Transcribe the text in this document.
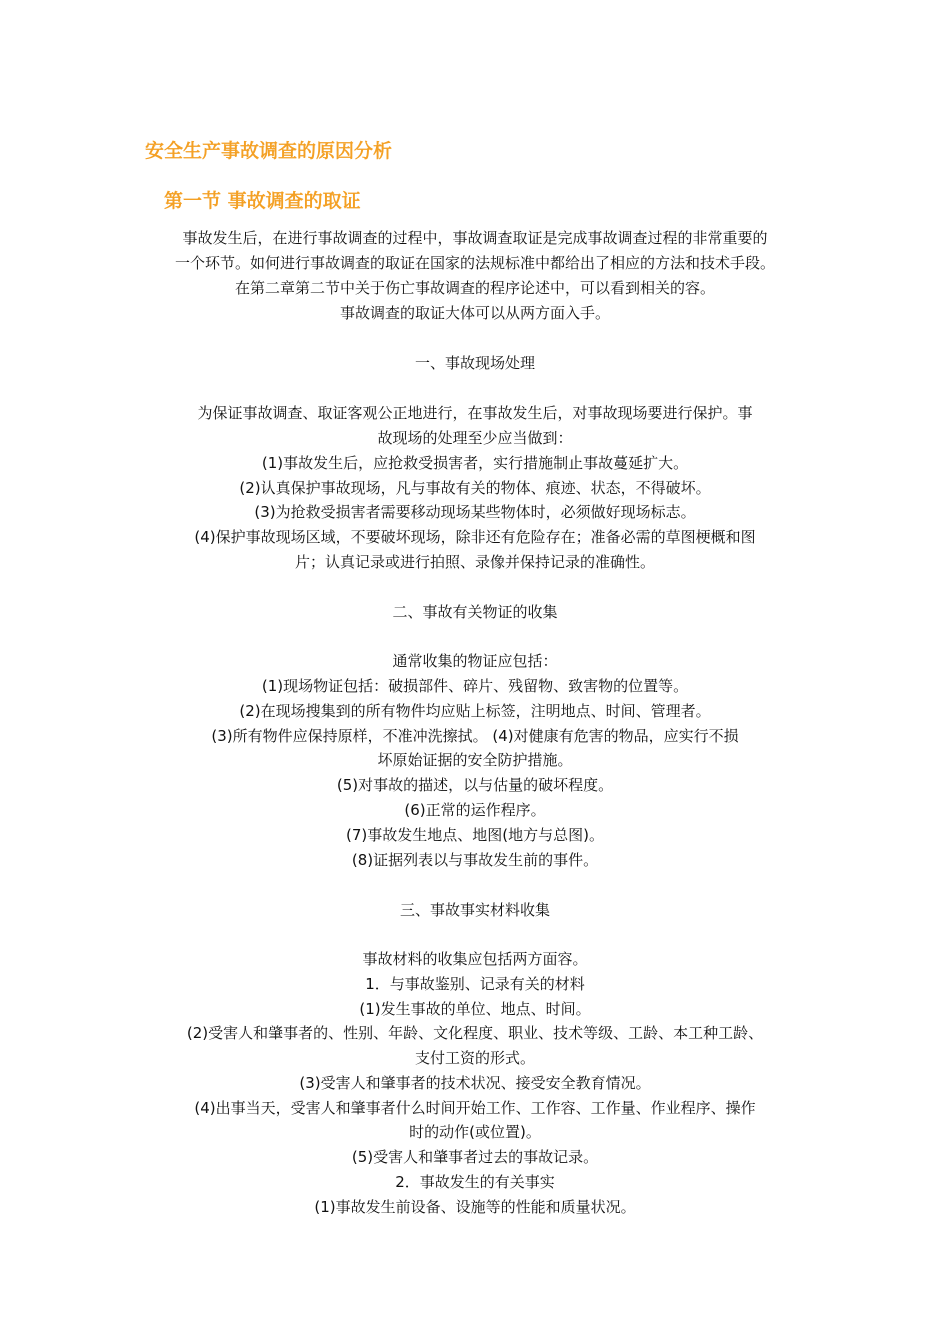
安全生产事故调查的原因分析
第一节 事故调查的取证
事故发生后，在进行事故调查的过程中，事故调查取证是完成事故调查过程的非常重要的
一个环节。如何进行事故调查的取证在国家的法规标准中都给出了相应的方法和技术手段。
在第二章第二节中关于伤亡事故调查的程序论述中，可以看到相关的容。
事故调查的取证大体可以从两方面入手。
一、事故现场处理
为保证事故调查、取证客观公正地进行，在事故发生后，对事故现场要进行保护。事
故现场的处理至少应当做到：
(1)事故发生后，应抢救受损害者，实行措施制止事故蔓延扩大。
(2)认真保护事故现场，凡与事故有关的物体、痕迹、状态，不得破坏。
(3)为抢救受损害者需要移动现场某些物体时，必须做好现场标志。
(4)保护事故现场区域，不要破坏现场，除非还有危险存在；准备必需的草图梗概和图
片；认真记录或进行拍照、录像并保持记录的准确性。
二、事故有关物证的收集
通常收集的物证应包括：
(1)现场物证包括：破损部件、碎片、残留物、致害物的位置等。
(2)在现场搜集到的所有物件均应贴上标签，注明地点、时间、管理者。
(3)所有物件应保持原样，不准冲洗擦拭。 (4)对健康有危害的物品，应实行不损
坏原始证据的安全防护措施。
(5)对事故的描述，以与估量的破坏程度。
(6)正常的运作程序。
(7)事故发生地点、地图(地方与总图)。
(8)证据列表以与事故发生前的事件。
三、事故事实材料收集
事故材料的收集应包括两方面容。
1．与事故鉴别、记录有关的材料
(1)发生事故的单位、地点、时间。
(2)受害人和肇事者的、性别、年龄、文化程度、职业、技术等级、工龄、本工种工龄、
支付工资的形式。
(3)受害人和肇事者的技术状况、接受安全教育情况。
(4)出事当天，受害人和肇事者什么时间开始工作、工作容、工作量、作业程序、操作
时的动作(或位置)。
(5)受害人和肇事者过去的事故记录。
2．事故发生的有关事实
(1)事故发生前设备、设施等的性能和质量状况。
